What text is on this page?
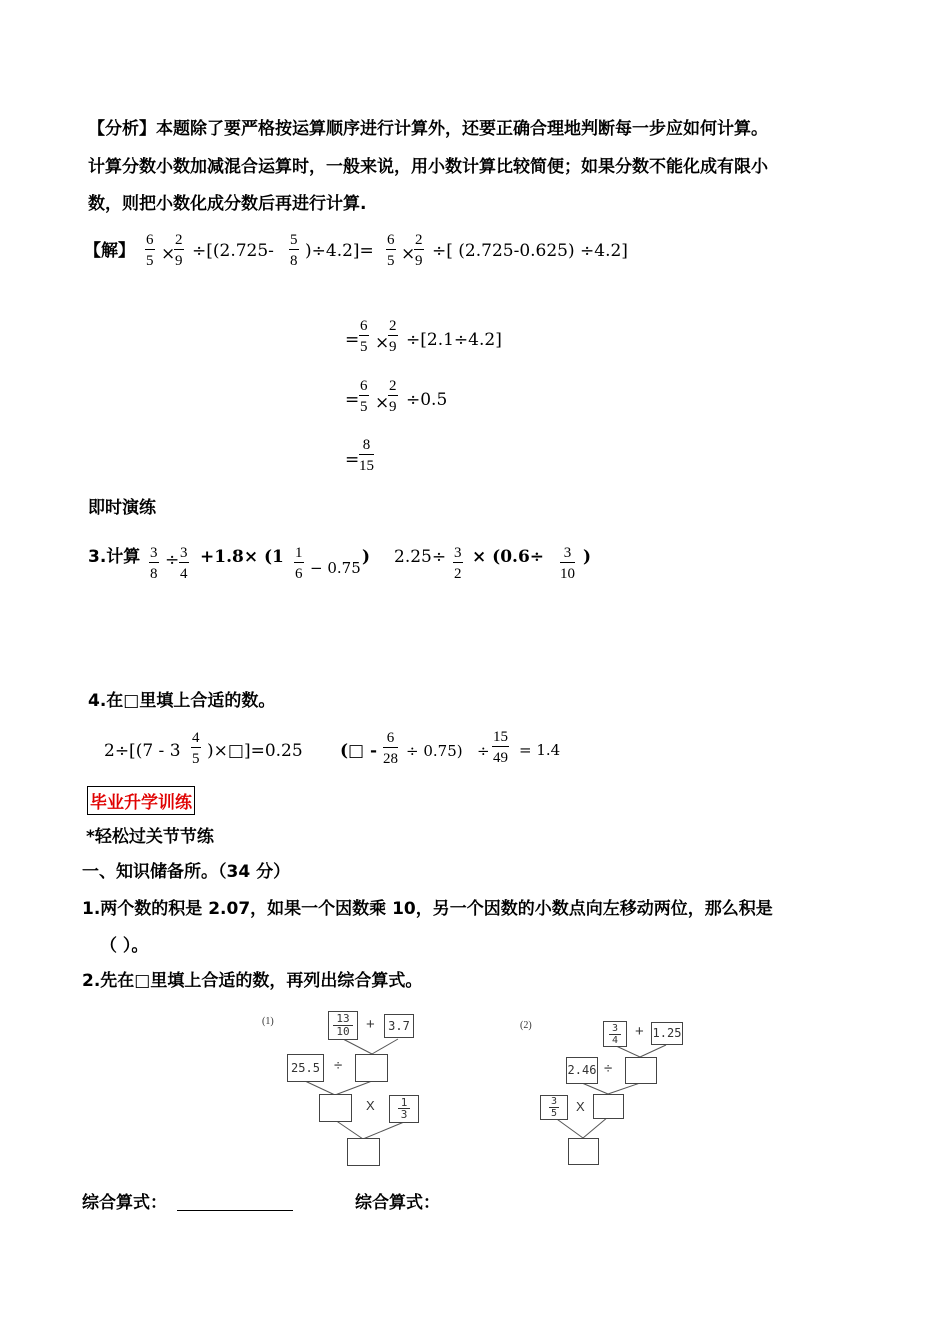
【分析】本题除了要严格按运算顺序进行计算外，还要正确合理地判断每一步应如何计算。
计算分数小数加减混合运算时，一般来说，用小数计算比较简便；如果分数不能化成有限小
数，则把小数化成分数后再进行计算.
【解】 $\frac{6}{5}$ ×
$\frac{2}{9} \div[(2.725- \frac{5}{8} )\div 4.2]= \frac{6}{5}$ ×
$\frac{2}{9}$ ÷[ (2.725-0.625) ÷4.2]
= $\frac{6}{5}$ ×
$\frac{2}{9} \div[2.1\div 4.2]$
= $\frac{6}{5}$ ×
$\frac{2}{9} \div 0.5$
= $\frac{8}{15}$
即时演练
3.计算 $\frac{3}{8} \div \frac{3}{4} +1.8\times (1 \frac{1}{6} - 0.75$
) $2.25\div \frac{3}{2} \times (0.6\div \frac{3}{10}$ )
4.在□里填上合适的数。
$2\div[(7 - 3 \frac{4}{5}$ )×□]=0.25 (□ - $\frac{6}{28} \div 0.75) \div \frac{15}{49} = 1.4$
毕业升学训练
*轻松过关节节练
一、知识储备所。（34 分）
1.两个数的积是 2.07，如果一个因数乘 10，另一个因数的小数点向左移动两位，那么积是
（ ）。
2.先在□里填上合适的数，再列出综合算式。
(1)	13
10	+	3.7
25.5 ÷
X 1
3
(2)	3
4
+ 1.25
2.46 ÷
3
5	X
综合算式：	综合算式：
